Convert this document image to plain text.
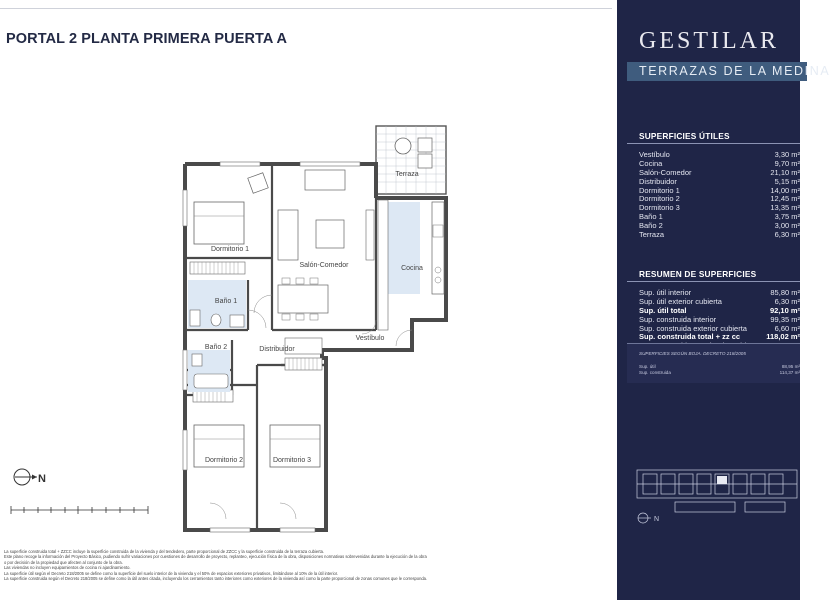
PORTAL 2 PLANTA PRIMERA PUERTA A
Terraza
Dormitorio 1
Salón-Comedor	Cocina
Baño 1
Baño 2	Distribuidor
Vestíbulo
Dormitorio 2	Dormitorio 3
N
La superficie construida total + ZZCC incluye la superficie construida de la vivienda y del tendedero, parte proporcional de ZZCC y la superficie construida de la terraza cubierta.
Este plano recoge la información del Proyecto Básico, pudiendo sufrir variaciones por cuestiones de desarrollo de proyecto, replanteo, ejecución física de la obra, disposiciones normativas sobrevenidas durante la ejecución de la obra
o por decisión de la propiedad que afecten al conjunto de la obra.
Las viviendas no incluyen equipamientos de cocina ni ajardinamiento.
La superficie útil según el Decreto 218/2005 se define como la superficie del suelo interior de la vivienda y el 50% de espacios exteriores privativos, limitándose al 10% de la útil interior.
La superficie construida según el Decreto 218/2005 se define como la útil antes citada, incluyendo los cerramientos tanto interiores como exteriores de la vivienda así como la parte proporcional de zonas comunes que le corresponda.
GESTILAR
TERRAZAS DE LA MEDINA
SUPERFICIES ÚTILES
Vestíbulo	3,30 m²
Cocina	9,70 m²
Salón-Comedor	21,10 m²
Distribuidor	5,15 m²
Dormitorio 1	14,00 m²
Dormitorio 2	12,45 m²
Dormitorio 3	13,35 m²
Baño 1	3,75 m²
Baño 2	3,00 m²
Terraza	6,30 m²
RESUMEN DE SUPERFICIES
Sup. útil interior	85,80 m²
Sup. útil exterior cubierta	6,30 m²
Sup. útil total	92,10 m²
Sup. construida interior	99,35 m²
Sup. construida exterior cubierta	6,60 m²
Sup. construida total + zz cc	118,02 m²
SUPERFICIES SEGÚN BOJA. DECRETO 218/2005
Sup. útil	88,95 m²
Sup. construida	114,37 m²
N
